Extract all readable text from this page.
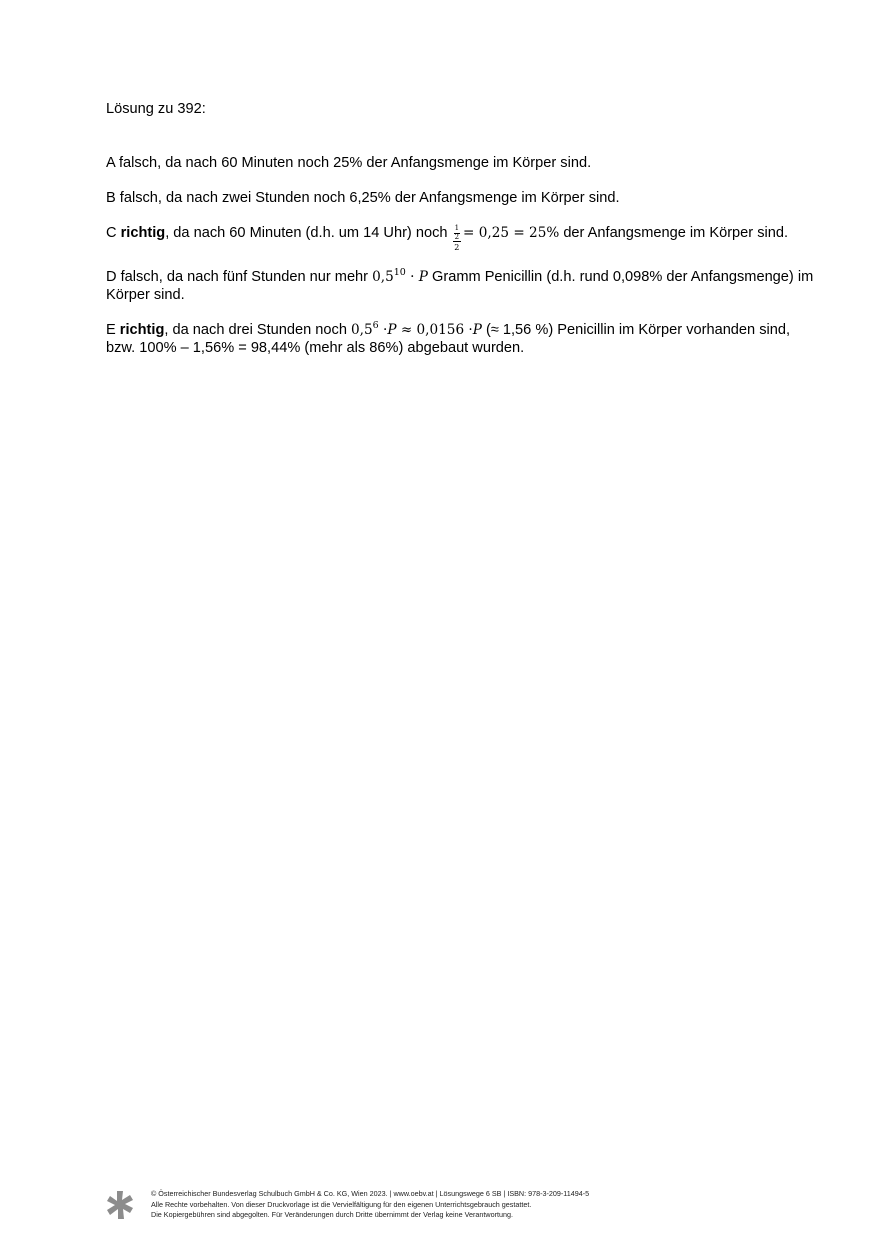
Lösung zu 392:
A falsch, da nach 60 Minuten noch 25% der Anfangsmenge im Körper sind.
B falsch, da nach zwei Stunden noch 6,25% der Anfangsmenge im Körper sind.
C richtig, da nach 60 Minuten (d.h. um 14 Uhr) noch 1
2
2 = 0,25 = 25% der Anfangsmenge im Körper sind.
D falsch, da nach fünf Stunden nur mehr $0,5^{10} \cdot P$ Gramm Penicillin (d.h. rund 0,098% der Anfangsmenge) im Körper sind.
E richtig, da nach drei Stunden noch $0,5^6 \cdot P \approx 0,0156 \cdot P$ (≈ 1,56 %) Penicillin im Körper vorhanden sind, bzw. 100% – 1,56% = 98,44% (mehr als 86%) abgebaut wurden.
© Österreichischer Bundesverlag Schulbuch GmbH & Co. KG, Wien 2023. | www.oebv.at | Lösungswege 6 SB | ISBN: 978-3-209-11494-5
Alle Rechte vorbehalten. Von dieser Druckvorlage ist die Vervielfältigung für den eigenen Unterrichtsgebrauch gestattet.
Die Kopiergebühren sind abgegolten. Für Veränderungen durch Dritte übernimmt der Verlag keine Verantwortung.
